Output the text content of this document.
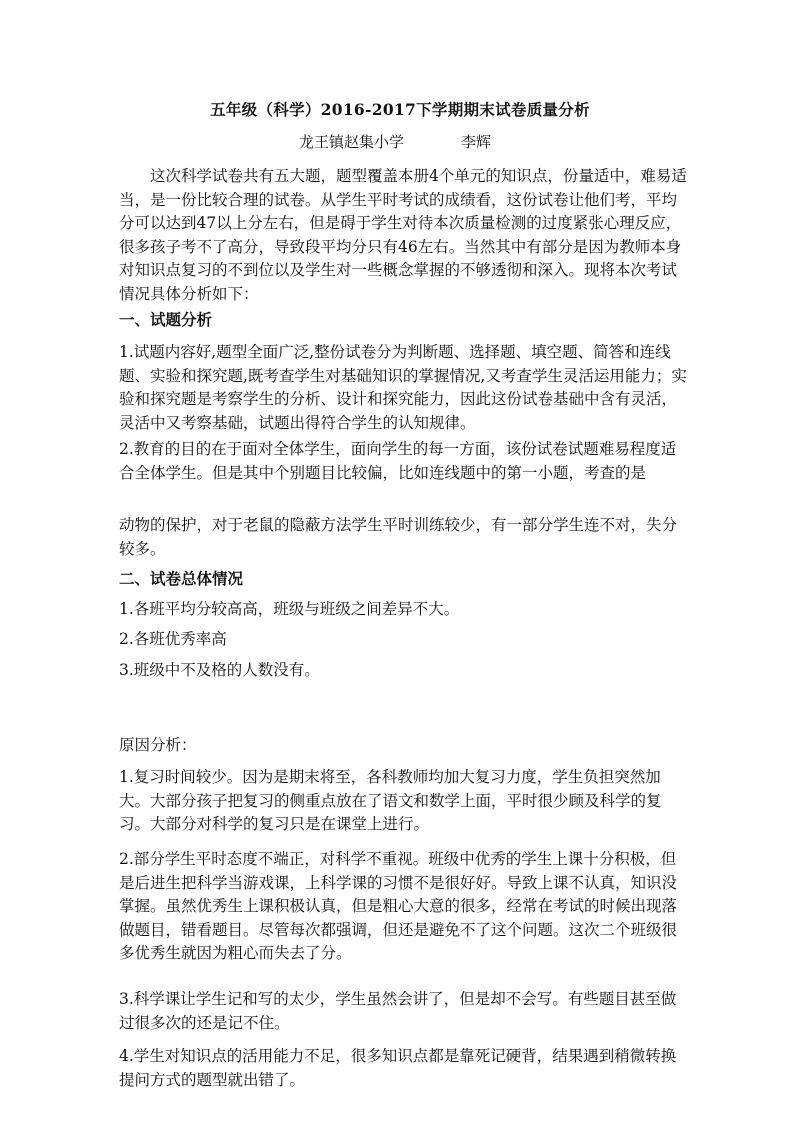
五年级（科学）2016-2017下学期期末试卷质量分析
龙王镇赵集小学	李辉

这次科学试卷共有五大题，题型覆盖本册4个单元的知识点，份量适中，难易适当，是一份比较合理的试卷。从学生平时考试的成绩看，这份试卷让他们考，平均分可以达到47以上分左右，但是碍于学生对待本次质量检测的过度紧张心理反应，很多孩子考不了高分，导致段平均分只有46左右。当然其中有部分是因为教师本身对知识点复习的不到位以及学生对一些概念掌握的不够透彻和深入。现将本次考试情况具体分析如下：

一、试题分析

1.试题内容好,题型全面广泛,整份试卷分为判断题、选择题、填空题、简答和连线题、实验和探究题,既考查学生对基础知识的掌握情况,又考查学生灵活运用能力；实验和探究题是考察学生的分析、设计和探究能力，因此这份试卷基础中含有灵活，灵活中又考察基础，试题出得符合学生的认知规律。

2.教育的目的在于面对全体学生，面向学生的每一方面，该份试卷试题难易程度适合全体学生。但是其中个别题目比较偏，比如连线题中的第一小题，考查的是

动物的保护，对于老鼠的隐蔽方法学生平时训练较少，有一部分学生连不对，失分较多。

二、试卷总体情况

1.各班平均分较高高，班级与班级之间差异不大。

2.各班优秀率高

3.班级中不及格的人数没有。

原因分析：

1.复习时间较少。因为是期末将至，各科教师均加大复习力度，学生负担突然加大。大部分孩子把复习的侧重点放在了语文和数学上面，平时很少顾及科学的复习。大部分对科学的复习只是在课堂上进行。

2.部分学生平时态度不端正，对科学不重视。班级中优秀的学生上课十分积极，但是后进生把科学当游戏课，上科学课的习惯不是很好好。导致上课不认真，知识没掌握。虽然优秀生上课积极认真，但是粗心大意的很多，经常在考试的时候出现落做题目，错看题目。尽管每次都强调，但还是避免不了这个问题。这次二个班级很多优秀生就因为粗心而失去了分。

3.科学课让学生记和写的太少，学生虽然会讲了，但是却不会写。有些题目甚至做过很多次的还是记不住。

4.学生对知识点的活用能力不足，很多知识点都是靠死记硬背，结果遇到稍微转换提问方式的题型就出错了。
